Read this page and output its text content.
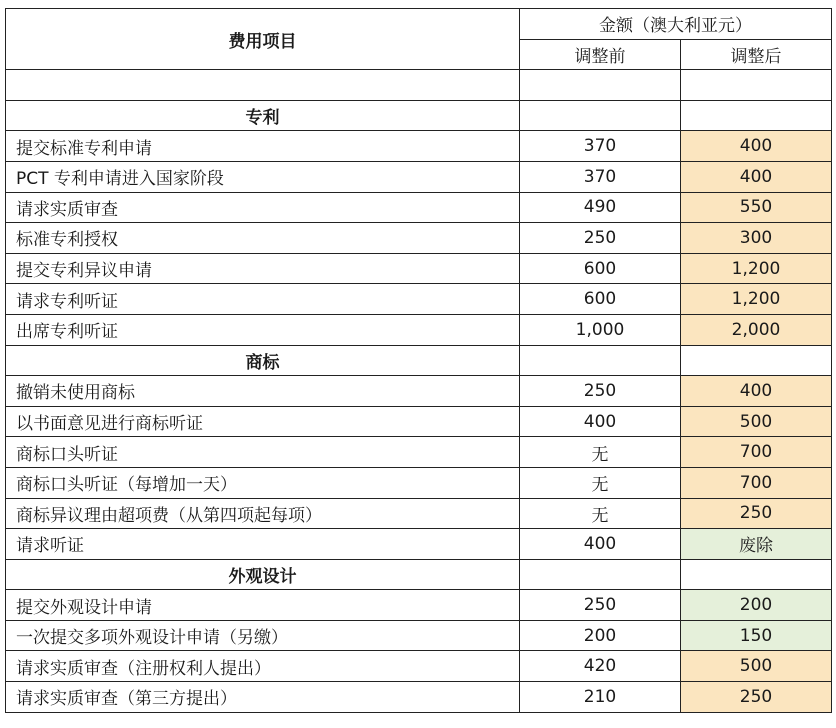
费用项目	金额（澳大利亚元）	
	调整前	调整后

专利		
提交标准专利申请	370	400
PCT 专利申请进入国家阶段	370	400
请求实质审查	490	550
标准专利授权	250	300
提交专利异议申请	600	1,200
请求专利听证	600	1,200
出席专利听证	1,000	2,000
商标		
撤销未使用商标	250	400
以书面意见进行商标听证	400	500
商标口头听证	无	700
商标口头听证（每增加一天）	无	700
商标异议理由超项费（从第四项起每项）	无	250
请求听证	400	废除
外观设计		
提交外观设计申请	250	200
一次提交多项外观设计申请（另缴）	200	150
请求实质审查（注册权利人提出）	420	500
请求实质审查（第三方提出）	210	250
